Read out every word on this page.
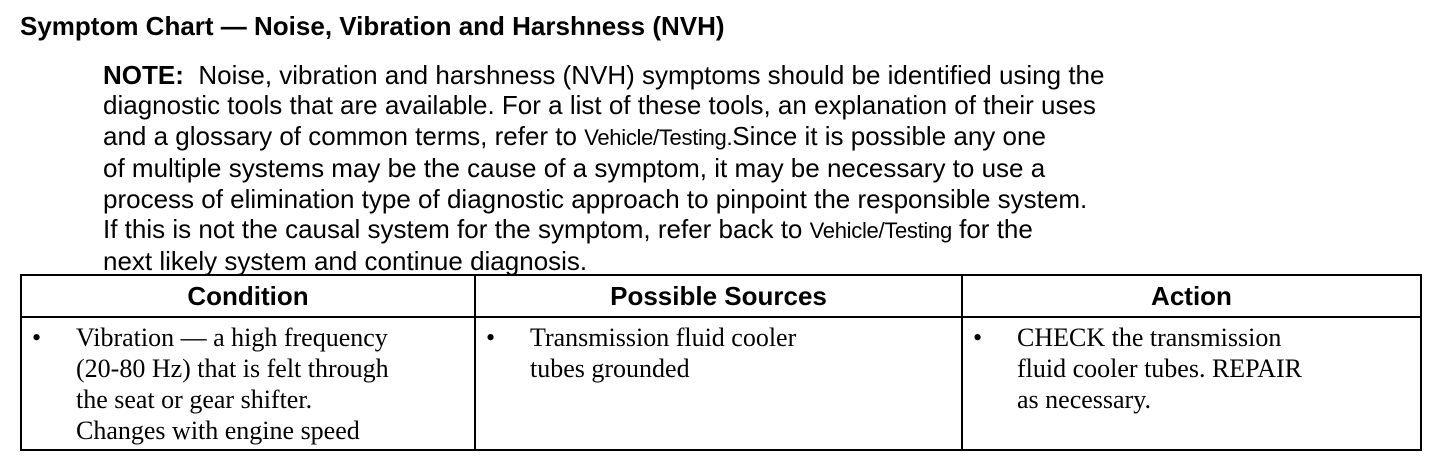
Symptom Chart — Noise, Vibration and Harshness (NVH)
NOTE: Noise, vibration and harshness (NVH) symptoms should be identified using the
diagnostic tools that are available. For a list of these tools, an explanation of their uses
and a glossary of common terms, refer to Vehicle/Testing.Since it is possible any one
of multiple systems may be the cause of a symptom, it may be necessary to use a
process of elimination type of diagnostic approach to pinpoint the responsible system.
If this is not the causal system for the symptom, refer back to Vehicle/Testing for the
next likely system and continue diagnosis.
Condition	Possible Sources	Action

• Vibration — a high frequency
(20-80 Hz) that is felt through
the seat or gear shifter.
Changes with engine speed	• Transmission fluid cooler
tubes grounded	• CHECK the transmission
fluid cooler tubes. REPAIR
as necessary.
